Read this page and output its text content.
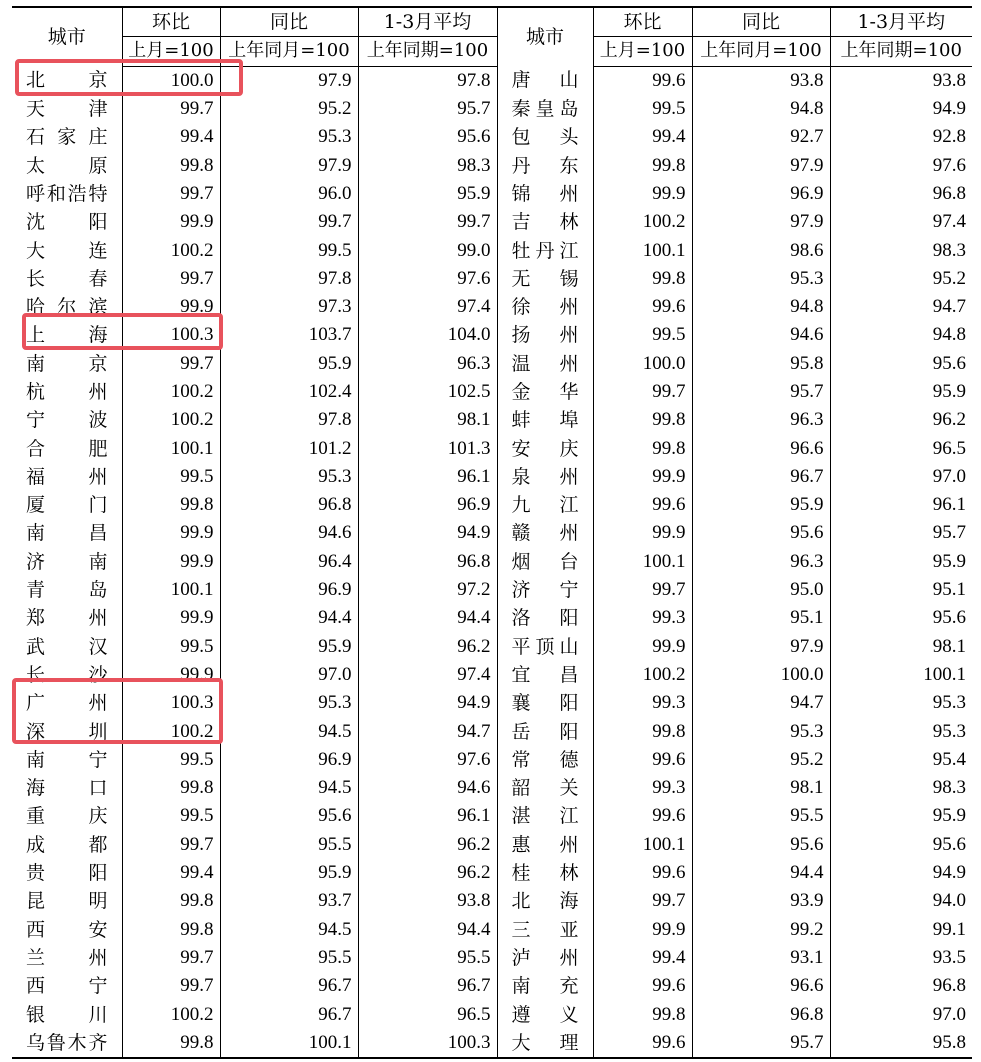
城市	环比	同比	1-3月平均	城市	环比	同比	1-3月平均
	上月=100	上年同月=100	上年同期=100		上月=100	上年同月=100	上年同期=100
北京	100.0	97.9	97.8	唐山	99.6	93.8	93.8
天津	99.7	95.2	95.7	秦皇岛	99.5	94.8	94.9
石家庄	99.4	95.3	95.6	包头	99.4	92.7	92.8
太原	99.8	97.9	98.3	丹东	99.8	97.9	97.6
呼和浩特	99.7	96.0	95.9	锦州	99.9	96.9	96.8
沈阳	99.9	99.7	99.7	吉林	100.2	97.9	97.4
大连	100.2	99.5	99.0	牡丹江	100.1	98.6	98.3
长春	99.7	97.8	97.6	无锡	99.8	95.3	95.2
哈尔滨	99.9	97.3	97.4	徐州	99.6	94.8	94.7
上海	100.3	103.7	104.0	扬州	99.5	94.6	94.8
南京	99.7	95.9	96.3	温州	100.0	95.8	95.6
杭州	100.2	102.4	102.5	金华	99.7	95.7	95.9
宁波	100.2	97.8	98.1	蚌埠	99.8	96.3	96.2
合肥	100.1	101.2	101.3	安庆	99.8	96.6	96.5
福州	99.5	95.3	96.1	泉州	99.9	96.7	97.0
厦门	99.8	96.8	96.9	九江	99.6	95.9	96.1
南昌	99.9	94.6	94.9	赣州	99.9	95.6	95.7
济南	99.9	96.4	96.8	烟台	100.1	96.3	95.9
青岛	100.1	96.9	97.2	济宁	99.7	95.0	95.1
郑州	99.9	94.4	94.4	洛阳	99.3	95.1	95.6
武汉	99.5	95.9	96.2	平顶山	99.9	97.9	98.1
长沙	99.9	97.0	97.4	宜昌	100.2	100.0	100.1
广州	100.3	95.3	94.9	襄阳	99.3	94.7	95.3
深圳	100.2	94.5	94.7	岳阳	99.8	95.3	95.3
南宁	99.5	96.9	97.6	常德	99.6	95.2	95.4
海口	99.8	94.5	94.6	韶关	99.3	98.1	98.3
重庆	99.5	95.6	96.1	湛江	99.6	95.5	95.9
成都	99.7	95.5	96.2	惠州	100.1	95.6	95.6
贵阳	99.4	95.9	96.2	桂林	99.6	94.4	94.9
昆明	99.8	93.7	93.8	北海	99.7	93.9	94.0
西安	99.8	94.5	94.4	三亚	99.9	99.2	99.1
兰州	99.7	95.5	95.5	泸州	99.4	93.1	93.5
西宁	99.7	96.7	96.7	南充	99.6	96.6	96.8
银川	100.2	96.7	96.5	遵义	99.8	96.8	97.0
乌鲁木齐	99.8	100.1	100.3	大理	99.6	95.7	95.8
